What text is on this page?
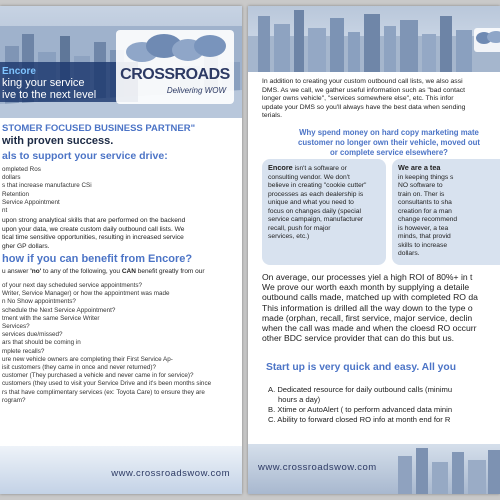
Encore
king your service
ive to the next level
CROSSROADS
Delivering WOW
STOMER FOCUSED BUSINESS PARTNER"
with proven success.
als to support your service drive:
ompleted Ros
dollars
s that increase manufacture CSi
Retention
Service Appointment
nt
upon strong analytical skills that are performed on the backend
upon your data, we create custom daily outbound call lists. We
tical time sensitive opportunities, resulting in increased service
gher GP dollars.
how if you can benefit from Encore?
u answer 'no' to any of the following, you CAN benefit greatly from our
of your next day scheduled service appointments?
Writer, Service Manager) or how the appointment was made
n No Show appointments?
schedule the Next Service Appointment?
tment with the same Service Writer
Services?
services due/missed?
ars that should be coming in
mplete recalls?
ure new vehicle owners are completing their First Service Ap-
isit customers (they came in once and never returned)?
customer (They purchased a vehicle and never came in for service)?
customers (they used to visit your Service Drive and it's been months since
rs that have complimentary services (ex: Toyota Care) to ensure they are
rogram?
www.crossroadswow.com
In addition to creating your custom outbound call lists, we also assi
DMS. As we call, we gather useful information such as "bad contact
longer owns vehicle", "services somewhere else", etc. This infor
update your DMS so you'll always have the best data when sending
terials.
Why spend money on hard copy marketing mate
customer no longer own their vehicle, moved out
or complete service elsewhere?
Encore isn't a software or
consulting vendor. We don't
believe in creating "cookie cutter"
processes as each dealership is
unique and what you need to
focus on changes daily (special
service campaign, manufacturer
recall, push for major
services, etc.)
We are a tea
in keeping things s
NO software to
train on. Ther is
consultants to sha
creation for a man
change recommend
is however, a tea
minds, that provid
skills to increase
dollars.
On average, our processes yiel a high ROI of 80%+ in t
We prove our worth eaxh month by supplying a detaile
outbound calls made, matched up with completed RO da
This information is drilled all the way down to the type o
made (orphan, recall, first service, major service, declin
when the call was made and when the cloesd RO occurr
other BDC service provider that can do this but us.
Start up is very quick and easy. All you
A. Dedicated resource for daily outbound calls (minimu
hours a day)
B. Xtime or AutoAlert ( to perform advanced data minin
C. Ability to forward closed RO info at month end for R
www.crossroadswow.com
